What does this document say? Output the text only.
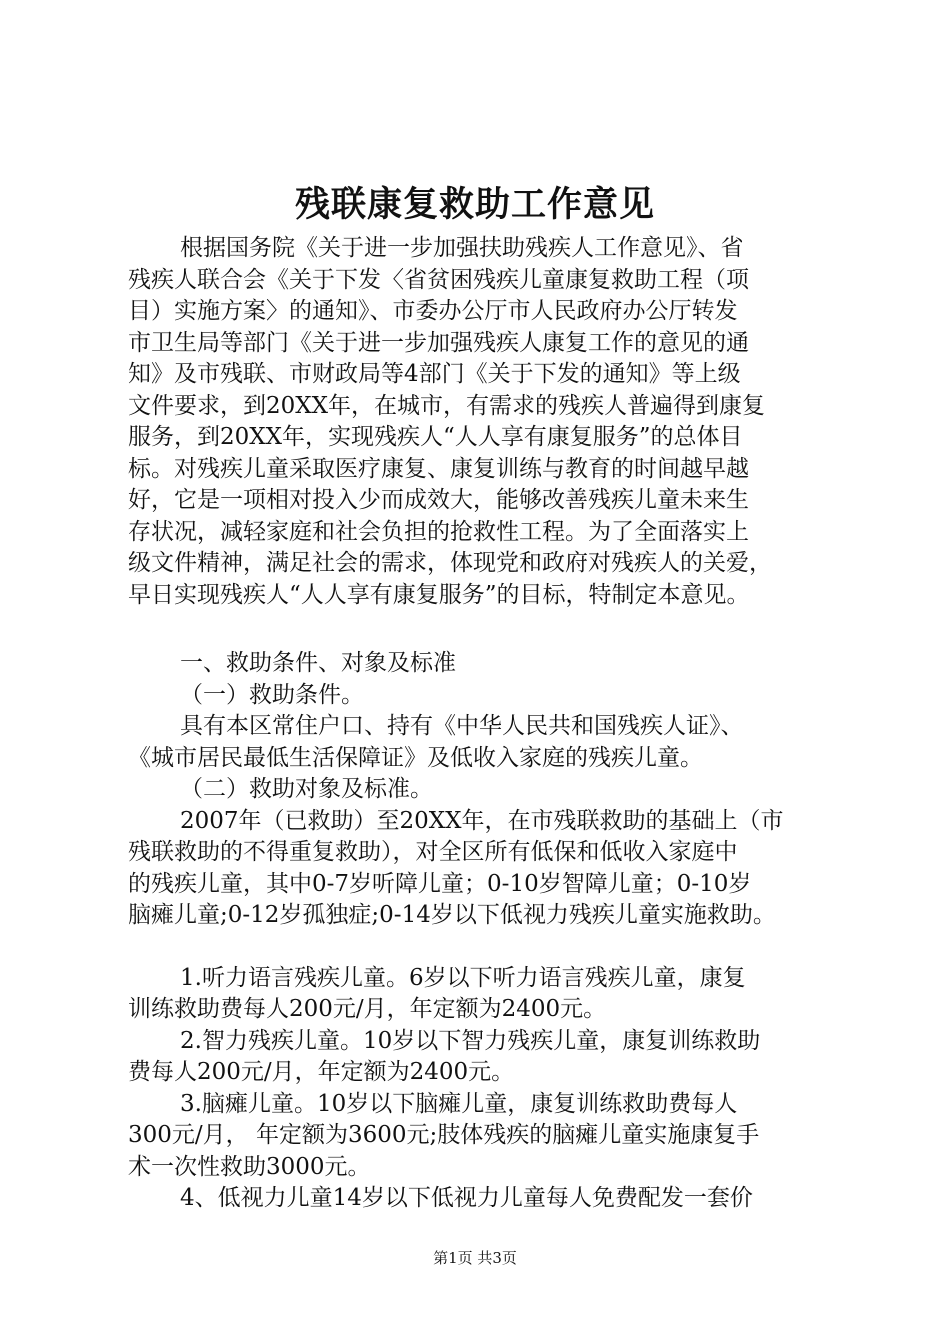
残联康复救助工作意见
根据国务院《关于进一步加强扶助残疾人工作意见》、省
残疾人联合会《关于下发〈省贫困残疾儿童康复救助工程（项
目）实施方案〉的通知》、市委办公厅市人民政府办公厅转发
市卫生局等部门《关于进一步加强残疾人康复工作的意见的通
知》及市残联、市财政局等4部门《关于下发的通知》等上级
文件要求，到20XX年，在城市，有需求的残疾人普遍得到康复
服务，到20XX年，实现残疾人“人人享有康复服务”的总体目
标。对残疾儿童采取医疗康复、康复训练与教育的时间越早越
好，它是一项相对投入少而成效大，能够改善残疾儿童未来生
存状况，减轻家庭和社会负担的抢救性工程。为了全面落实上
级文件精神，满足社会的需求，体现党和政府对残疾人的关爱，
早日实现残疾人“人人享有康复服务”的目标，特制定本意见。
一、救助条件、对象及标准
（一）救助条件。
具有本区常住户口、持有《中华人民共和国残疾人证》、
《城市居民最低生活保障证》及低收入家庭的残疾儿童。
（二）救助对象及标准。
2007年（已救助）至20XX年，在市残联救助的基础上（市
残联救助的不得重复救助），对全区所有低保和低收入家庭中
的残疾儿童，其中0-7岁听障儿童；0-10岁智障儿童；0-10岁
脑瘫儿童;0-12岁孤独症;0-14岁以下低视力残疾儿童实施救助。
1.听力语言残疾儿童。6岁以下听力语言残疾儿童，康复
训练救助费每人200元/月，年定额为2400元。
2.智力残疾儿童。10岁以下智力残疾儿童，康复训练救助
费每人200元/月，年定额为2400元。
3.脑瘫儿童。10岁以下脑瘫儿童，康复训练救助费每人
300元/月， 年定额为3600元;肢体残疾的脑瘫儿童实施康复手
术一次性救助3000元。
4、低视力儿童14岁以下低视力儿童每人免费配发一套价
第1页 共3页
